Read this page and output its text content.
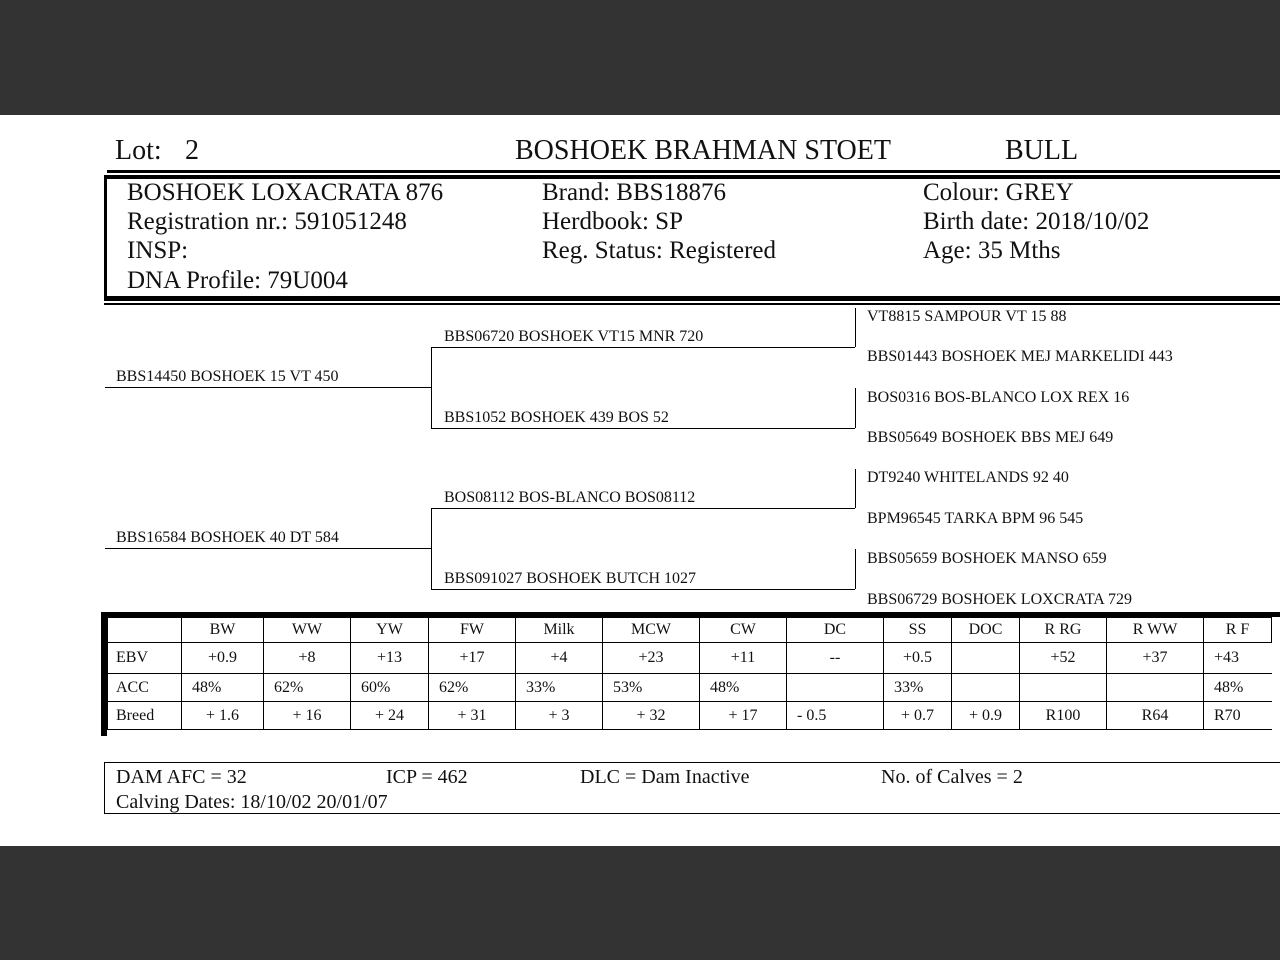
Lot: 2	BOSHOEK BRAHMAN STOET	BULL
BOSHOEK LOXACRATA 876
Registration nr.: 591051248
INSP:
DNA Profile: 79U004
Brand: BBS18876
Herdbook: SP
Reg. Status: Registered
Colour: GREY
Birth date: 2018/10/02
Age: 35 Mths
BBS14450 BOSHOEK 15 VT 450
BBS16584 BOSHOEK 40 DT 584
BBS06720 BOSHOEK VT15 MNR 720
BBS1052 BOSHOEK 439 BOS 52
BOS08112 BOS-BLANCO BOS08112
BBS091027 BOSHOEK BUTCH 1027
VT8815 SAMPOUR VT 15 88
BBS01443 BOSHOEK MEJ MARKELIDI 443
BOS0316 BOS-BLANCO LOX REX 16
BBS05649 BOSHOEK BBS MEJ 649
DT9240 WHITELANDS 92 40
BPM96545 TARKA BPM 96 545
BBS05659 BOSHOEK MANSO 659
BBS06729 BOSHOEK LOXCRATA 729
	BW	WW	YW	FW	Milk	MCW	CW	DC	SS	DOC	R RG	R WW	R F
EBV	+0.9	+8	+13	+17	+4	+23	+11	--	+0.5		+52	+37	+43
ACC	48%	62%	60%	62%	33%	53%	48%		33%				48%
Breed	+ 1.6	+ 16	+ 24	+ 31	+ 3	+ 32	+ 17	- 0.5	+ 0.7	+ 0.9	R100	R64	R70
DAM AFC = 32	ICP = 462	DLC = Dam Inactive	No. of Calves = 2
Calving Dates: 18/10/02 20/01/07
